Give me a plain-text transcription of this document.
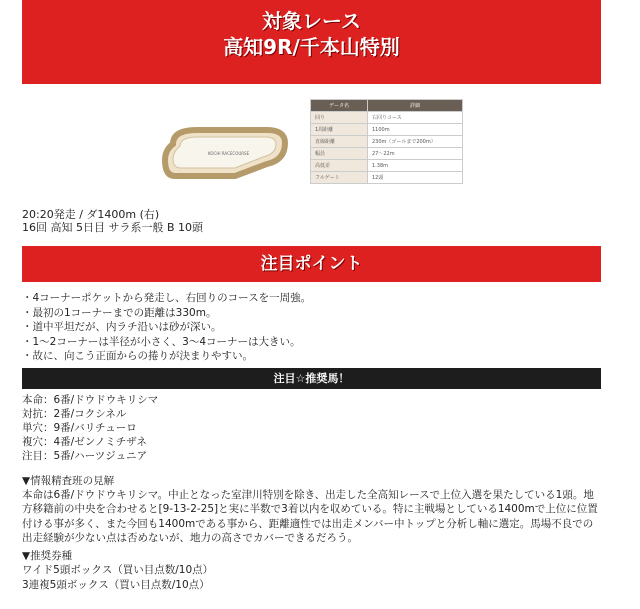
対象レース
高知9R/千本山特別
KOCHI RACECOURSE
データ名	詳細
回り	右回りコース
1周距離	1100m
直線距離	230m（ゴールまで200m）
幅員	27～22m
高低差	1.38m
フルゲート	12頭
20:20発走 / ダ1400m (右)
16回 高知 5日目 サラ系一般 B 10頭
注目ポイント
・4コーナーポケットから発走し、右回りのコースを一周強。
・最初の1コーナーまでの距離は330m。
・道中平坦だが、内ラチ沿いは砂が深い。
・1～2コーナーは半径が小さく、3～4コーナーは大きい。
・故に、向こう正面からの捲りが決まりやすい。
注目☆推奨馬！
本命：6番/ドウドウキリシマ
対抗：2番/コクシネル
単穴：9番/バリチューロ
複穴：4番/ゼンノミチザネ
注目：5番/ハーツジュニア

▼情報精査班の見解

本命は6番/ドウドウキリシマ。中止となった室津川特別を除き、出走した全高知レースで上位入選を果たしている1頭。地方移籍前の中央を合わせると[9-13-2-25]と実に半数で3着以内を収めている。特に主戦場としている1400mで上位に位置付ける事が多く、また今回も1400mである事から、距離適性では出走メンバー中トップと分析し軸に選定。馬場不良での出走経験が少ない点は否めないが、地力の高さでカバーできるだろう。

▼推奨券種
ワイド5頭ボックス（買い目点数/10点）
3連複5頭ボックス（買い目点数/10点）
